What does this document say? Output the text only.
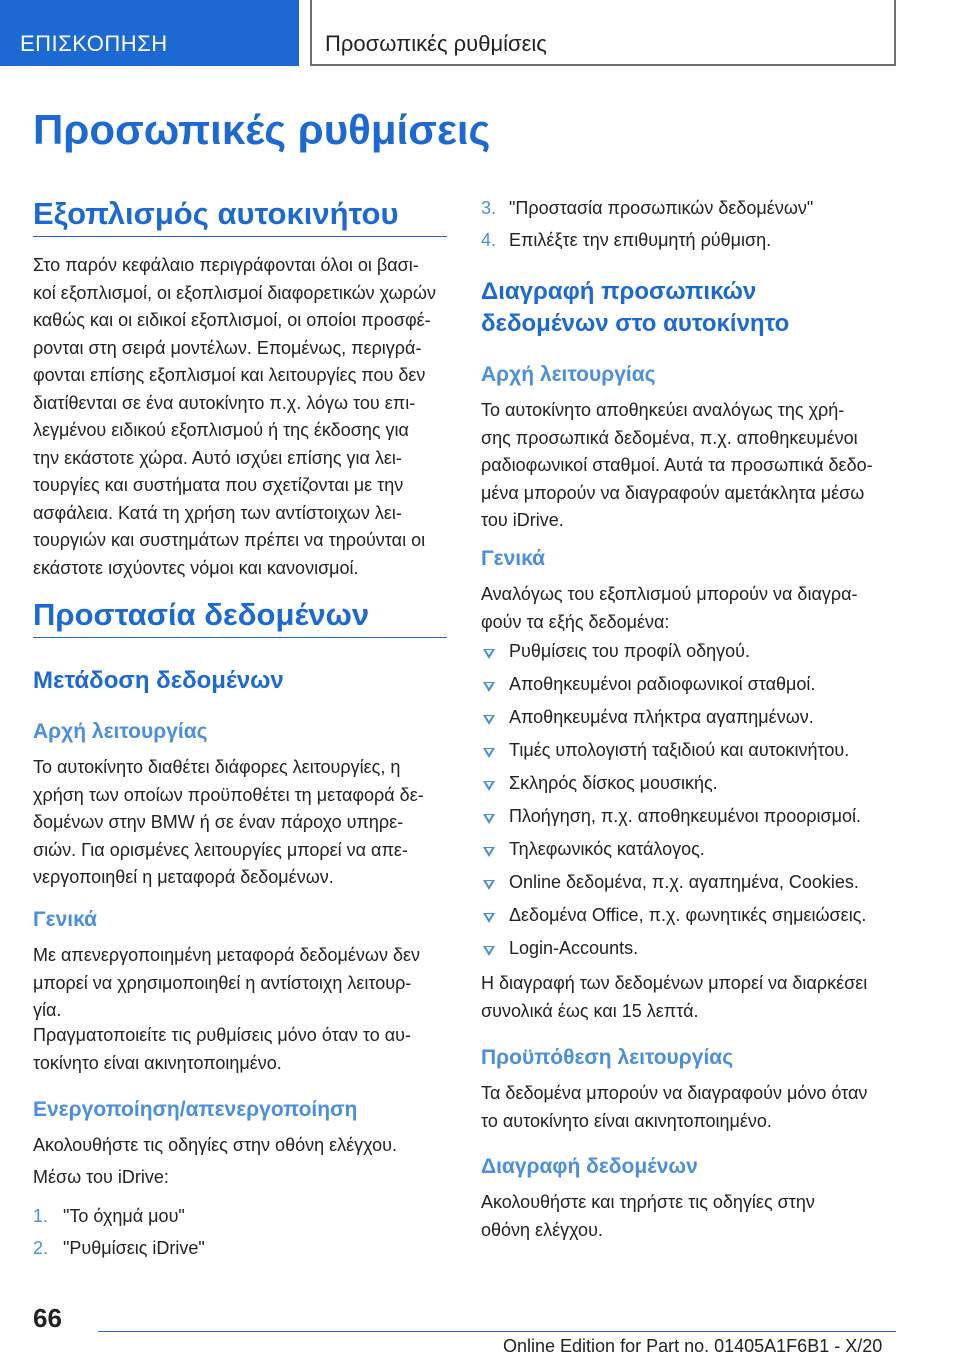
ΕΠΙΣΚΟΠΗΣΗ	Προσωπικές ρυθμίσεις
Προσωπικές ρυθμίσεις
Εξοπλισμός αυτοκινήτου
Στο παρόν κεφάλαιο περιγράφονται όλοι οι βασι‐
κοί εξοπλισμοί, οι εξοπλισμοί διαφορετικών χωρών
καθώς και οι ειδικοί εξοπλισμοί, οι οποίοι προσφέ‐
ρονται στη σειρά μοντέλων. Επομένως, περιγρά‐
φονται επίσης εξοπλισμοί και λειτουργίες που δεν
διατίθενται σε ένα αυτοκίνητο π.χ. λόγω του επι‐
λεγμένου ειδικού εξοπλισμού ή της έκδοσης για
την εκάστοτε χώρα. Αυτό ισχύει επίσης για λει‐
τουργίες και συστήματα που σχετίζονται με την
ασφάλεια. Κατά τη χρήση των αντίστοιχων λει‐
τουργιών και συστημάτων πρέπει να τηρούνται οι
εκάστοτε ισχύοντες νόμοι και κανονισμοί.
Προστασία δεδομένων
Μετάδοση δεδομένων
Αρχή λειτουργίας
Το αυτοκίνητο διαθέτει διάφορες λειτουργίες, η
χρήση των οποίων προϋποθέτει τη μεταφορά δε‐
δομένων στην BMW ή σε έναν πάροχο υπηρε‐
σιών. Για ορισμένες λειτουργίες μπορεί να απε‐
νεργοποιηθεί η μεταφορά δεδομένων.
Γενικά
Με απενεργοποιημένη μεταφορά δεδομένων δεν
μπορεί να χρησιμοποιηθεί η αντίστοιχη λειτουρ‐
γία.
Πραγματοποιείτε τις ρυθμίσεις μόνο όταν το αυ‐
τοκίνητο είναι ακινητοποιημένο.
Ενεργοποίηση/απενεργοποίηση
Ακολουθήστε τις οδηγίες στην οθόνη ελέγχου.
Μέσω του iDrive:
1. "Το όχημά μου"
2. "Ρυθμίσεις iDrive"
3. "Προστασία προσωπικών δεδομένων"
4. Επιλέξτε την επιθυμητή ρύθμιση.
Διαγραφή προσωπικών
δεδομένων στο αυτοκίνητο
Αρχή λειτουργίας
Το αυτοκίνητο αποθηκεύει αναλόγως της χρή‐
σης προσωπικά δεδομένα, π.χ. αποθηκευμένοι
ραδιοφωνικοί σταθμοί. Αυτά τα προσωπικά δεδο‐
μένα μπορούν να διαγραφούν αμετάκλητα μέσω
του iDrive.
Γενικά
Αναλόγως του εξοπλισμού μπορούν να διαγρα‐
φούν τα εξής δεδομένα:
Ρυθμίσεις του προφίλ οδηγού.
Αποθηκευμένοι ραδιοφωνικοί σταθμοί.
Αποθηκευμένα πλήκτρα αγαπημένων.
Τιμές υπολογιστή ταξιδιού και αυτοκινήτου.
Σκληρός δίσκος μουσικής.
Πλοήγηση, π.χ. αποθηκευμένοι προορισμοί.
Τηλεφωνικός κατάλογος.
Online δεδομένα, π.χ. αγαπημένα, Cookies.
Δεδομένα Office, π.χ. φωνητικές σημειώσεις.
Login-Accounts.
Η διαγραφή των δεδομένων μπορεί να διαρκέσει
συνολικά έως και 15 λεπτά.
Προϋπόθεση λειτουργίας
Τα δεδομένα μπορούν να διαγραφούν μόνο όταν
το αυτοκίνητο είναι ακινητοποιημένο.
Διαγραφή δεδομένων
Ακολουθήστε και τηρήστε τις οδηγίες στην
οθόνη ελέγχου.
66
Online Edition for Part no. 01405A1F6B1 - X/20
